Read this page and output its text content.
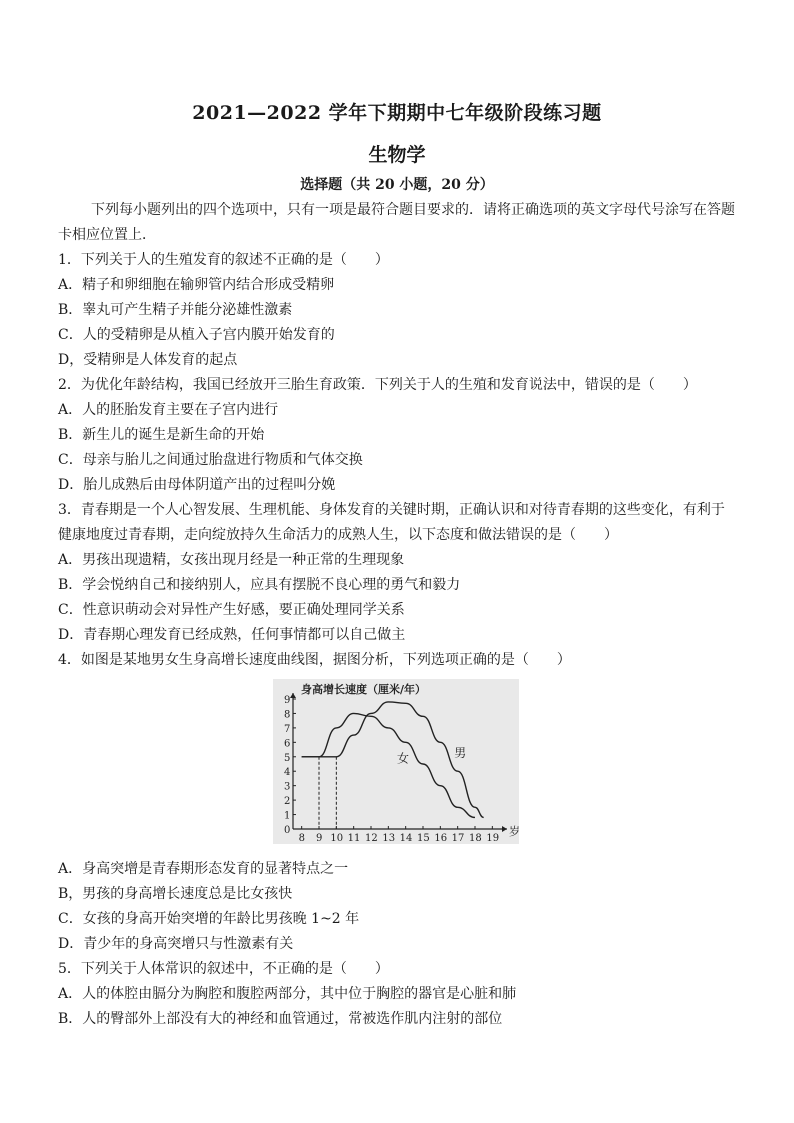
2021—2022 学年下期期中七年级阶段练习题
生物学
选择题（共 20 小题，20 分）
下列每小题列出的四个选项中，只有一项是最符合题目要求的．请将正确选项的英文字母代号涂写在答题
卡相应位置上．

1．下列关于人的生殖发育的叙述不正确的是（　　）

A．精子和卵细胞在输卵管内结合形成受精卵

B．睾丸可产生精子并能分泌雄性激素

C．人的受精卵是从植入子宫内膜开始发育的

D，受精卵是人体发育的起点

2．为优化年龄结构，我国已经放开三胎生育政策．下列关于人的生殖和发育说法中，错误的是（　　）

A．人的胚胎发育主要在子宫内进行

B．新生儿的诞生是新生命的开始

C．母亲与胎儿之间通过胎盘进行物质和气体交换

D．胎儿成熟后由母体阴道产出的过程叫分娩

3．青春期是一个人心智发展、生理机能、身体发育的关键时期，正确认识和对待青春期的这些变化，有利于

健康地度过青春期，走向绽放持久生命活力的成熟人生，以下态度和做法错误的是（　　）

A．男孩出现遗精，女孩出现月经是一种正常的生理现象

B．学会悦纳自己和接纳别人，应具有摆脱不良心理的勇气和毅力

C．性意识萌动会对异性产生好感，要正确处理同学关系

D．青春期心理发育已经成熟，任何事情都可以自己做主

4．如图是某地男女生身高增长速度曲线图，据图分析，下列选项正确的是（　　）

身高增长速度（厘米/年）
0
1
2
3
4
5
6
7
8
9
8 9 10 11 12 13 14 15 16 17 18 19
岁
女	男

A．身高突增是青春期形态发育的显著特点之一

B，男孩的身高增长速度总是比女孩快

C．女孩的身高开始突增的年龄比男孩晚 1~2 年

D．青少年的身高突增只与性激素有关

5．下列关于人体常识的叙述中，不正确的是（　　）

A．人的体腔由膈分为胸腔和腹腔两部分，其中位于胸腔的器官是心脏和肺

B．人的臀部外上部没有大的神经和血管通过，常被选作肌内注射的部位
